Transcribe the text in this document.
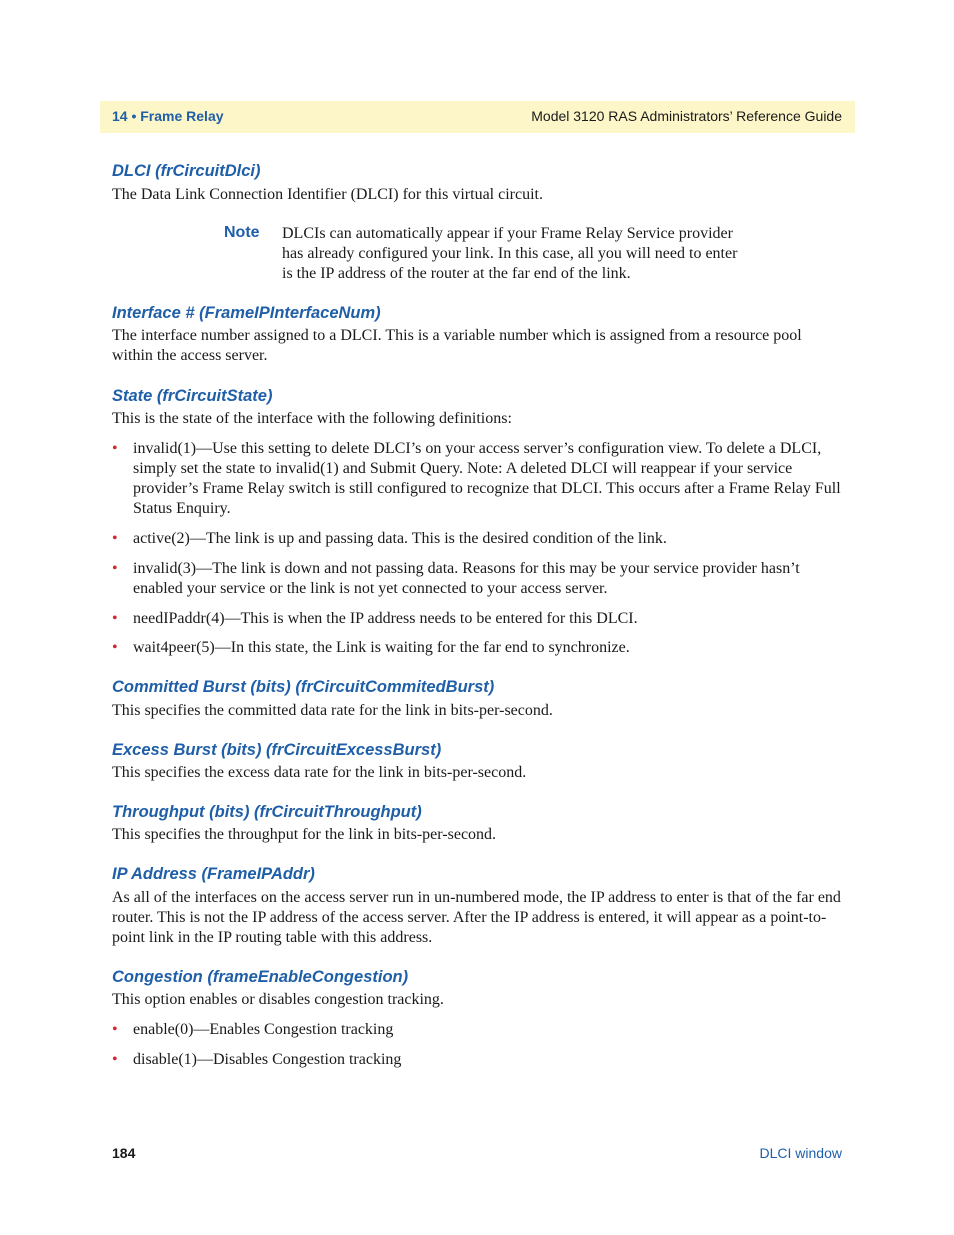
14 • Frame Relay	Model 3120 RAS Administrators’ Reference Guide
DLCI (frCircuitDlci)
The Data Link Connection Identifier (DLCI) for this virtual circuit.
Note DLCIs can automatically appear if your Frame Relay Service provider has already configured your link. In this case, all you will need to enter is the IP address of the router at the far end of the link.
Interface # (FrameIPInterfaceNum)
The interface number assigned to a DLCI. This is a variable number which is assigned from a resource pool within the access server.
State (frCircuitState)
This is the state of the interface with the following definitions:
• invalid(1)—Use this setting to delete DLCI’s on your access server’s configuration view. To delete a DLCI, simply set the state to invalid(1) and Submit Query. Note: A deleted DLCI will reappear if your service provider’s Frame Relay switch is still configured to recognize that DLCI. This occurs after a Frame Relay Full Status Enquiry.
• active(2)—The link is up and passing data. This is the desired condition of the link.
• invalid(3)—The link is down and not passing data. Reasons for this may be your service provider hasn’t enabled your service or the link is not yet connected to your access server.
• needIPaddr(4)—This is when the IP address needs to be entered for this DLCI.
• wait4peer(5)—In this state, the Link is waiting for the far end to synchronize.
Committed Burst (bits) (frCircuitCommitedBurst)
This specifies the committed data rate for the link in bits-per-second.
Excess Burst (bits) (frCircuitExcessBurst)
This specifies the excess data rate for the link in bits-per-second.
Throughput (bits) (frCircuitThroughput)
This specifies the throughput for the link in bits-per-second.
IP Address (FrameIPAddr)
As all of the interfaces on the access server run in un-numbered mode, the IP address to enter is that of the far end router. This is not the IP address of the access server. After the IP address is entered, it will appear as a point-to-point link in the IP routing table with this address.
Congestion (frameEnableCongestion)
This option enables or disables congestion tracking.
• enable(0)—Enables Congestion tracking
• disable(1)—Disables Congestion tracking
184	DLCI window
